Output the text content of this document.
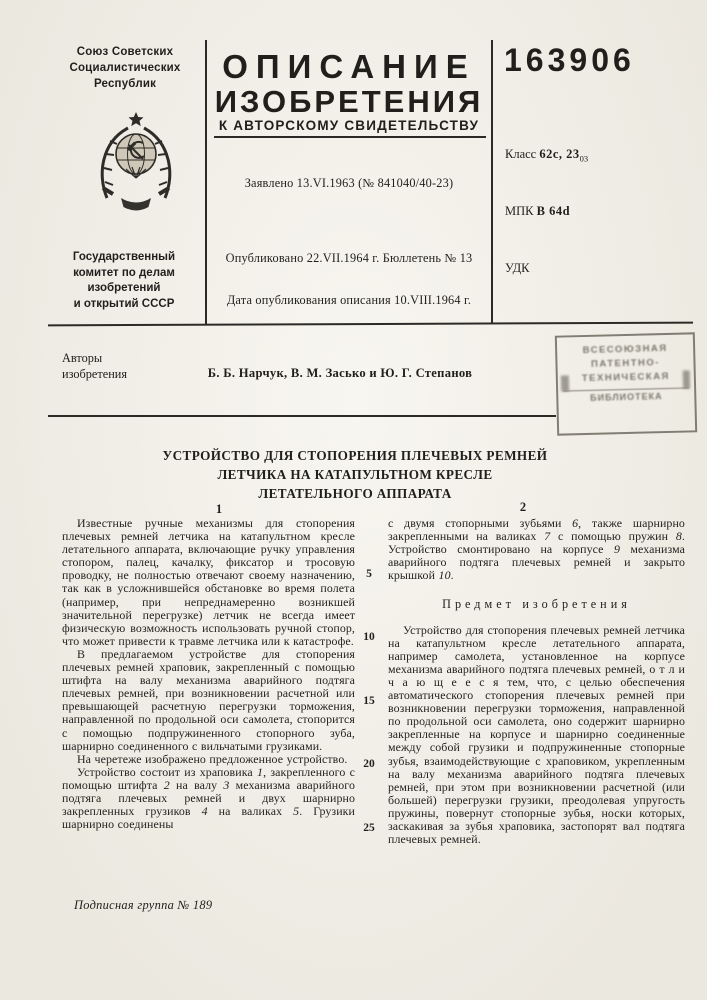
Союз Советских
Социалистических
Республик
Государственный
комитет по делам
изобретений
и открытий СССР
ОПИСАНИЕ
ИЗОБРЕТЕНИЯ
К АВТОРСКОМУ СВИДЕТЕЛЬСТВУ
Заявлено 13.VI.1963 (№ 841040/40-23)
Опубликовано 22.VII.1964 г. Бюллетень № 13
Дата опубликования описания 10.VIII.1964 г.
163906
Класс 62c, $23_{03}$
МПК В 64d
УДК
Авторы
изобретения	Б. Б. Нарчук, В. М. Засько и Ю. Г. Степанов
ВСЕСОЮЗНАЯ
ПАТЕНТНО-
ТЕХНИЧЕСКАЯ
БИБЛИОТЕКА
УСТРОЙСТВО ДЛЯ СТОПОРЕНИЯ ПЛЕЧЕВЫХ РЕМНЕЙ
ЛЕТЧИКА НА КАТАПУЛЬТНОМ КРЕСЛЕ
ЛЕТАТЕЛЬНОГО АППАРАТА
1	2

Известные ручные механизмы для стопорения плечевых ремней летчика на катапультном кресле летательного аппарата, включающие ручку управления стопором, палец, качалку, фиксатор и тросовую проводку, не полностью отвечают своему назначению, так как в усложнившейся обстановке во время полета (например, при непреднамеренно возникшей значительной перегрузке) летчик не всегда имеет физическую возможность использовать ручной стопор, что может привести к травме летчика или к катастрофе.

В предлагаемом устройстве для стопорения плечевых ремней храповик, закрепленный с помощью штифта на валу механизма аварийного подтяга плечевых ремней, при возникновении расчетной или превышающей расчетную перегрузки торможения, направленной по продольной оси самолета, стопорится с помощью подпружиненного стопорного зуба, шарнирно соединенного с вильчатыми грузиками.

На черетеже изображено предложенное устройство.

Устройство состоит из храповика 1, закрепленного с помощью штифта 2 на валу 3 механизма аварийного подтяга плечевых ремней и двух шарнирно закрепленных грузиков 4 на валиках 5. Грузики шарнирно соединены

с двумя стопорными зубьями 6, также шарнирно закрепленными на валиках 7 с помощью пружин 8. Устройство смонтировано на корпусе 9 механизма аварийного подтяга плечевых ремней и закрыто крышкой 10.

Предмет изобретения

Устройство для стопорения плечевых ремней летчика на катапультном кресле летательного аппарата, например самолета, установленное на корпусе механизма аварийного подтяга плечевых ремней, о т л и ч а ю щ е е с я тем, что, с целью обеспечения автоматического стопорения плечевых ремней при возникновении перегрузки торможения, направленной по продольной оси самолета, оно содержит шарнирно закрепленные на корпусе и шарнирно соединенные между собой грузики и подпружиненные стопорные зубья, взаимодействующие с храповиком, укрепленным на валу механизма аварийного подтяга плечевых ремней, при этом при возникновении расчетной (или большей) перегрузки грузики, преодолевая упругость пружины, повернут стопорные зубья, носки которых, заскакивая за зубья храповика, застопорят вал подтяга плечевых ремней.

5
10
15
20
25
Подписная группа № 189
